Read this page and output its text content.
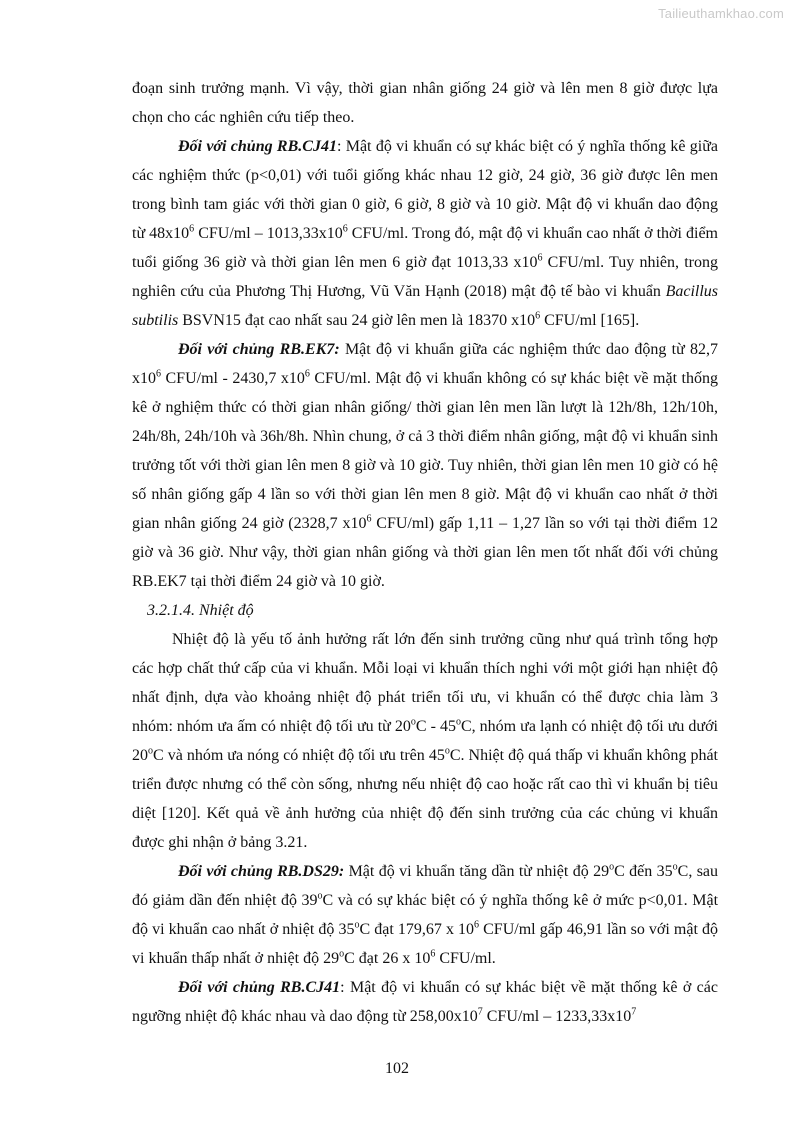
Tailieuthamkhao.com

đoạn sinh trưởng mạnh. Vì vậy, thời gian nhân giống 24 giờ và lên men 8 giờ được lựa chọn cho các nghiên cứu tiếp theo.

Đối với chủng RB.CJ41: Mật độ vi khuẩn có sự khác biệt có ý nghĩa thống kê giữa các nghiệm thức (p<0,01) với tuổi giống khác nhau 12 giờ, 24 giờ, 36 giờ được lên men trong bình tam giác với thời gian 0 giờ, 6 giờ, 8 giờ và 10 giờ. Mật độ vi khuẩn dao động từ $48x10^6$ $CFU/ml - 1013,33x10^6$ CFU/ml. Trong đó, mật độ vi khuẩn cao nhất ở thời điểm tuổi giống 36 giờ và thời gian lên men 6 giờ đạt 1013,33 $x10^6$ CFU/ml. Tuy nhiên, trong nghiên cứu của Phương Thị Hương, Vũ Văn Hạnh (2018) mật độ tế bào vi khuẩn Bacillus subtilis BSVN15 đạt cao nhất sau 24 giờ lên men là 18370 $x10^6$ CFU/ml [165].

Đối với chủng RB.EK7: Mật độ vi khuẩn giữa các nghiệm thức dao động từ 82,7 $x10^6$ CFU/ml - 2430,7 $x10^6$ CFU/ml. Mật độ vi khuẩn không có sự khác biệt về mặt thống kê ở nghiệm thức có thời gian nhân giống/ thời gian lên men lần lượt là 12h/8h, 12h/10h, 24h/8h, 24h/10h và 36h/8h. Nhìn chung, ở cả 3 thời điểm nhân giống, mật độ vi khuẩn sinh trưởng tốt với thời gian lên men 8 giờ và 10 giờ. Tuy nhiên, thời gian lên men 10 giờ có hệ số nhân giống gấp 4 lần so với thời gian lên men 8 giờ. Mật độ vi khuẩn cao nhất ở thời gian nhân giống 24 giờ (2328,7 $x10^6$ CFU/ml) gấp 1,11 – 1,27 lần so với tại thời điểm 12 giờ và 36 giờ. Như vậy, thời gian nhân giống và thời gian lên men tốt nhất đối với chủng RB.EK7 tại thời điểm 24 giờ và 10 giờ.

3.2.1.4. Nhiệt độ

Nhiệt độ là yếu tố ảnh hưởng rất lớn đến sinh trưởng cũng như quá trình tổng hợp các hợp chất thứ cấp của vi khuẩn. Mỗi loại vi khuẩn thích nghi với một giới hạn nhiệt độ nhất định, dựa vào khoảng nhiệt độ phát triển tối ưu, vi khuẩn có thể được chia làm 3 nhóm: nhóm ưa ấm có nhiệt độ tối ưu từ 20$^o$C - 45$^o$C, nhóm ưa lạnh có nhiệt độ tối ưu dưới 20$^o$C và nhóm ưa nóng có nhiệt độ tối ưu trên 45$^o$C. Nhiệt độ quá thấp vi khuẩn không phát triển được nhưng có thể còn sống, nhưng nếu nhiệt độ cao hoặc rất cao thì vi khuẩn bị tiêu diệt [120]. Kết quả về ảnh hưởng của nhiệt độ đến sinh trưởng của các chủng vi khuẩn được ghi nhận ở bảng 3.21.

Đối với chủng RB.DS29: Mật độ vi khuẩn tăng dần từ nhiệt độ 29$^o$C đến 35$^o$C, sau đó giảm dần đến nhiệt độ 39$^o$C và có sự khác biệt có ý nghĩa thống kê ở mức p<0,01. Mật độ vi khuẩn cao nhất ở nhiệt độ 35$^o$C đạt 179,67 x $10^6$ CFU/ml gấp 46,91 lần so với mật độ vi khuẩn thấp nhất ở nhiệt độ 29$^o$C đạt 26 x $10^6$ CFU/ml.

Đối với chủng RB.CJ41: Mật độ vi khuẩn có sự khác biệt về mặt thống kê ở các ngưỡng nhiệt độ khác nhau và dao động từ $258,00x10^7$ $CFU/ml - 1233,33x10^7$

102
